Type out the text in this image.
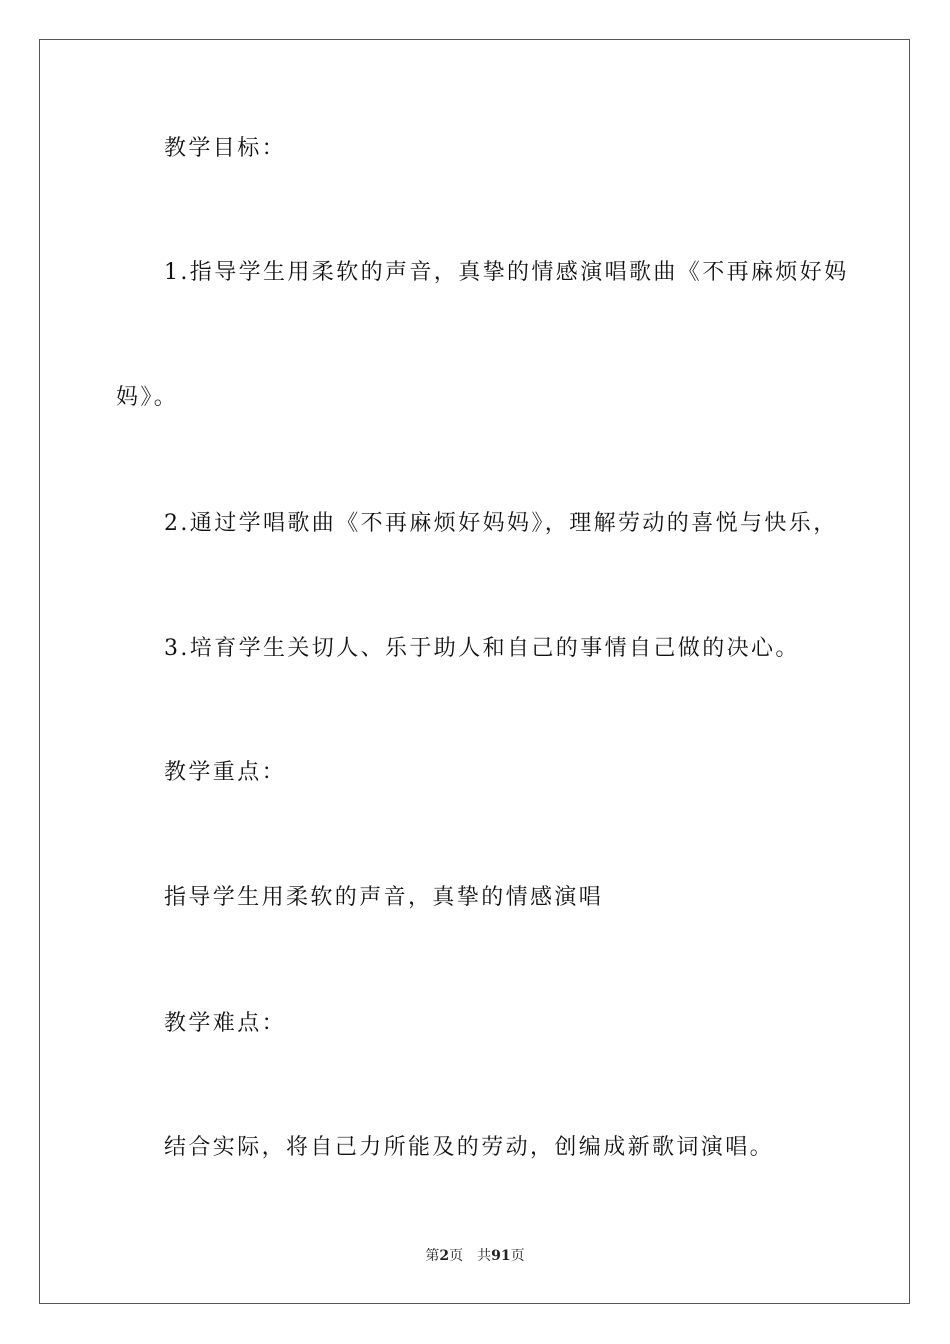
教学目标：
1.指导学生用柔软的声音，真挚的情感演唱歌曲《不再麻烦好妈
妈》。
2.通过学唱歌曲《不再麻烦好妈妈》，理解劳动的喜悦与快乐，
3.培育学生关切人、乐于助人和自己的事情自己做的决心。
教学重点：
指导学生用柔软的声音，真挚的情感演唱
教学难点：
结合实际，将自己力所能及的劳动，创编成新歌词演唱。
第2页 共91页
